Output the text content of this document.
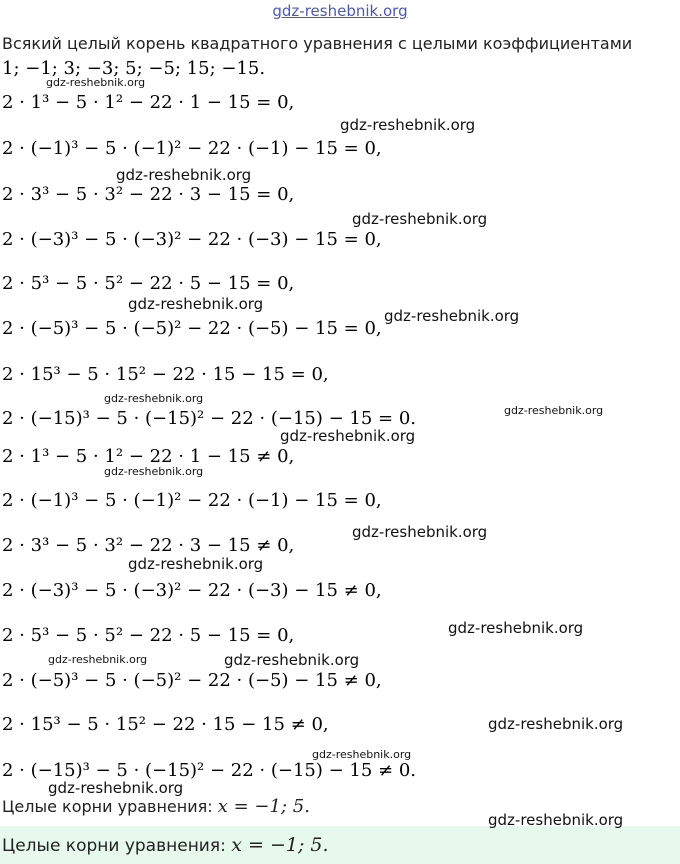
gdz-reshebnik.org
Всякий целый корень квадратного уравнения с целыми коэффициентами
1; −1; 3; −3; 5; −5; 15; −15.
2 · 1³ − 5 · 1² − 22 · 1 − 15 = 0,
2 · (−1)³ − 5 · (−1)² − 22 · (−1) − 15 = 0,
2 · 3³ − 5 · 3² − 22 · 3 − 15 = 0,
2 · (−3)³ − 5 · (−3)² − 22 · (−3) − 15 = 0,
2 · 5³ − 5 · 5² − 22 · 5 − 15 = 0,
2 · (−5)³ − 5 · (−5)² − 22 · (−5) − 15 = 0,
2 · 15³ − 5 · 15² − 22 · 15 − 15 = 0,
2 · (−15)³ − 5 · (−15)² − 22 · (−15) − 15 = 0.
2 · 1³ − 5 · 1² − 22 · 1 − 15 ≠ 0,
2 · (−1)³ − 5 · (−1)² − 22 · (−1) − 15 = 0,
2 · 3³ − 5 · 3² − 22 · 3 − 15 ≠ 0,
2 · (−3)³ − 5 · (−3)² − 22 · (−3) − 15 ≠ 0,
2 · 5³ − 5 · 5² − 22 · 5 − 15 = 0,
2 · (−5)³ − 5 · (−5)² − 22 · (−5) − 15 ≠ 0,
2 · 15³ − 5 · 15² − 22 · 15 − 15 ≠ 0,
2 · (−15)³ − 5 · (−15)² − 22 · (−15) − 15 ≠ 0.
Целые корни уравнения: x = −1; 5.
Целые корни уравнения: x = −1; 5.
gdz-reshebnik.org
gdz-reshebnik.org
gdz-reshebnik.org
gdz-reshebnik.org
gdz-reshebnik.org
gdz-reshebnik.org
gdz-reshebnik.org
gdz-reshebnik.org
gdz-reshebnik.org
gdz-reshebnik.org
gdz-reshebnik.org
gdz-reshebnik.org
gdz-reshebnik.org
gdz-reshebnik.org	gdz-reshebnik.org
gdz-reshebnik.org
gdz-reshebnik.org
gdz-reshebnik.org
gdz-reshebnik.org
